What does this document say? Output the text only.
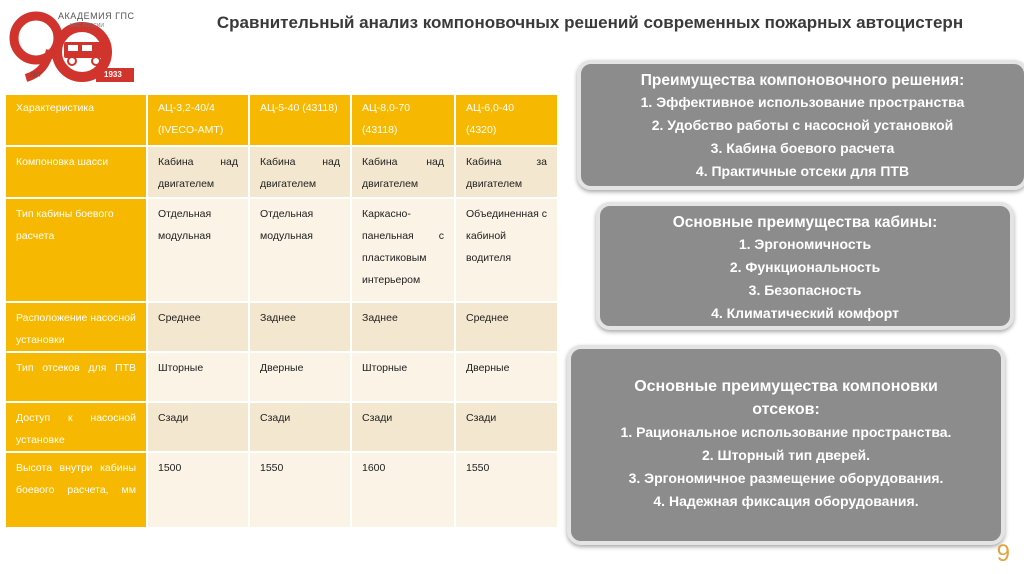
АКАДЕМИЯ ГПС
МЧС РОССИИ
1933
ЛЕТ
Сравнительный анализ компоновочных решений современных пожарных автоцистерн
Характеристика	АЦ-3,2-40/4 (IVECO-AMT)	АЦ-5-40 (43118)	АЦ-8,0-70 (43118)	АЦ-6,0-40 (4320)
Компоновка шасси	Кабина над двигателем	Кабина над двигателем	Кабина над двигателем	Кабина за двигателем
Тип кабины боевого расчета	Отдельная модульная	Отдельная модульная	Каркасно-панельная с пластиковым интерьером	Объединенная с кабиной водителя
Расположение насосной установки	Среднее	Заднее	Заднее	Среднее
Тип отсеков для ПТВ	Шторные	Дверные	Шторные	Дверные
Доступ к насосной установке	Сзади	Сзади	Сзади	Сзади
Высота внутри кабины боевого расчета, мм	1500	1550	1600	1550
Преимущества компоновочного решения:
1. Эффективное использование пространства
2. Удобство работы с насосной установкой
3. Кабина боевого расчета
4. Практичные отсеки для ПТВ
Основные преимущества кабины:
1. Эргономичность
2. Функциональность
3. Безопасность
4. Климатический комфорт
Основные преимущества компоновки отсеков:
1. Рациональное использование пространства.
2. Шторный тип дверей.
3. Эргономичное размещение оборудования.
4. Надежная фиксация оборудования.
9
